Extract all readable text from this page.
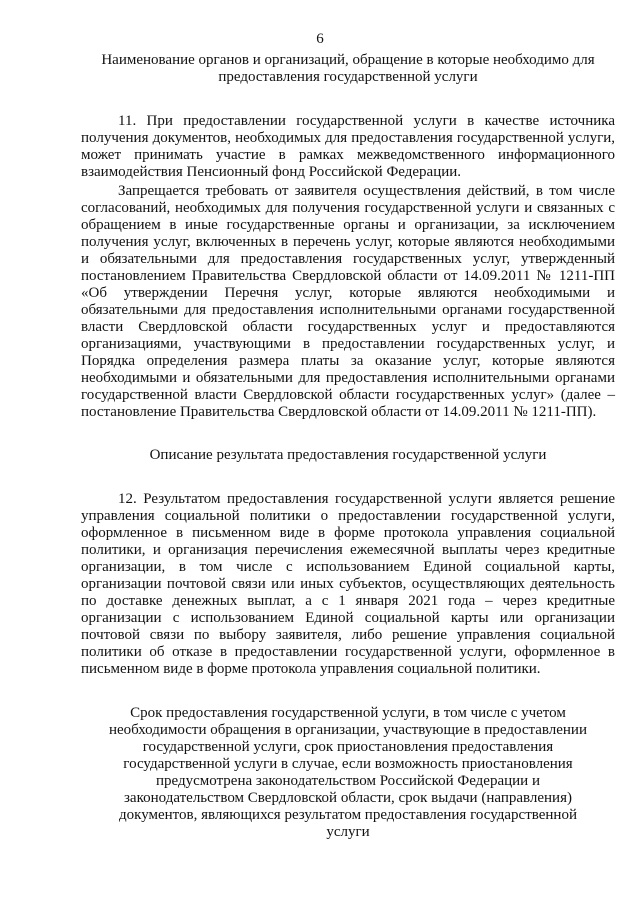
6

Наименование органов и организаций, обращение в которые необходимо для предоставления государственной услуги

11. При предоставлении государственной услуги в качестве источника получения документов, необходимых для предоставления государственной услуги, может принимать участие в рамках межведомственного информационного взаимодействия Пенсионный фонд Российской Федерации.

Запрещается требовать от заявителя осуществления действий, в том числе согласований, необходимых для получения государственной услуги и связанных с обращением в иные государственные органы и организации, за исключением получения услуг, включенных в перечень услуг, которые являются необходимыми и обязательными для предоставления государственных услуг, утвержденный постановлением Правительства Свердловской области от 14.09.2011 № 1211-ПП «Об утверждении Перечня услуг, которые являются необходимыми и обязательными для предоставления исполнительными органами государственной власти Свердловской области государственных услуг и предоставляются организациями, участвующими в предоставлении государственных услуг, и Порядка определения размера платы за оказание услуг, которые являются необходимыми и обязательными для предоставления исполнительными органами государственной власти Свердловской области государственных услуг» (далее – постановление Правительства Свердловской области от 14.09.2011 № 1211-ПП).

Описание результата предоставления государственной услуги

12. Результатом предоставления государственной услуги является решение управления социальной политики о предоставлении государственной услуги, оформленное в письменном виде в форме протокола управления социальной политики, и организация перечисления ежемесячной выплаты через кредитные организации, в том числе с использованием Единой социальной карты, организации почтовой связи или иных субъектов, осуществляющих деятельность по доставке денежных выплат, а с 1 января 2021 года – через кредитные организации с использованием Единой социальной карты или организации почтовой связи по выбору заявителя, либо решение управления социальной политики об отказе в предоставлении государственной услуги, оформленное в письменном виде в форме протокола управления социальной политики.

Срок предоставления государственной услуги, в том числе с учетом необходимости обращения в организации, участвующие в предоставлении государственной услуги, срок приостановления предоставления государственной услуги в случае, если возможность приостановления предусмотрена законодательством Российской Федерации и законодательством Свердловской области, срок выдачи (направления) документов, являющихся результатом предоставления государственной услуги
